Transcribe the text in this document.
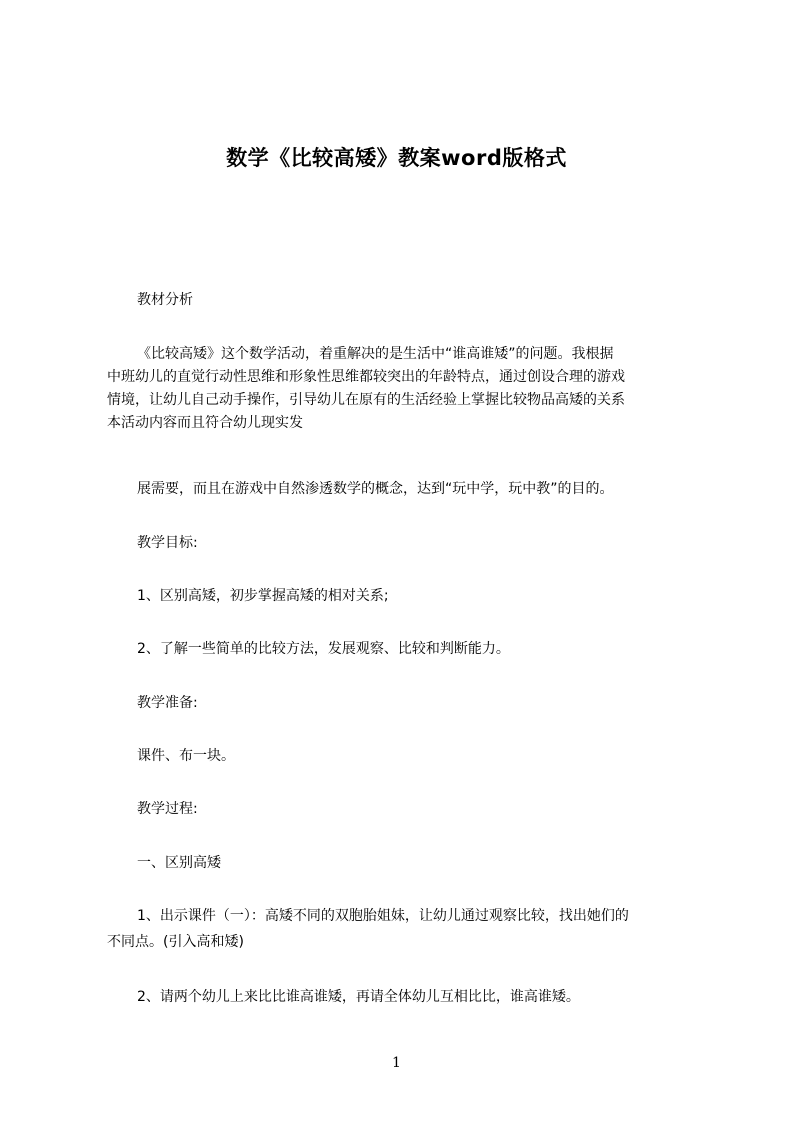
数学《比较高矮》教案word版格式
教材分析
《比较高矮》这个数学活动，着重解决的是生活中“谁高谁矮”的问题。我根据
中班幼儿的直觉行动性思维和形象性思维都较突出的年龄特点，通过创设合理的游戏
情境，让幼儿自己动手操作，引导幼儿在原有的生活经验上掌握比较物品高矮的关系
本活动内容而且符合幼儿现实发
展需要，而且在游戏中自然渗透数学的概念，达到“玩中学，玩中教”的目的。
教学目标:
1、区别高矮，初步掌握高矮的相对关系;
2、了解一些简单的比较方法，发展观察、比较和判断能力。
教学准备:
课件、布一块。
教学过程:
一、区别高矮
1、出示课件（一）：高矮不同的双胞胎姐妹，让幼儿通过观察比较，找出她们的
不同点。(引入高和矮)
2、请两个幼儿上来比比谁高谁矮，再请全体幼儿互相比比，谁高谁矮。
1
